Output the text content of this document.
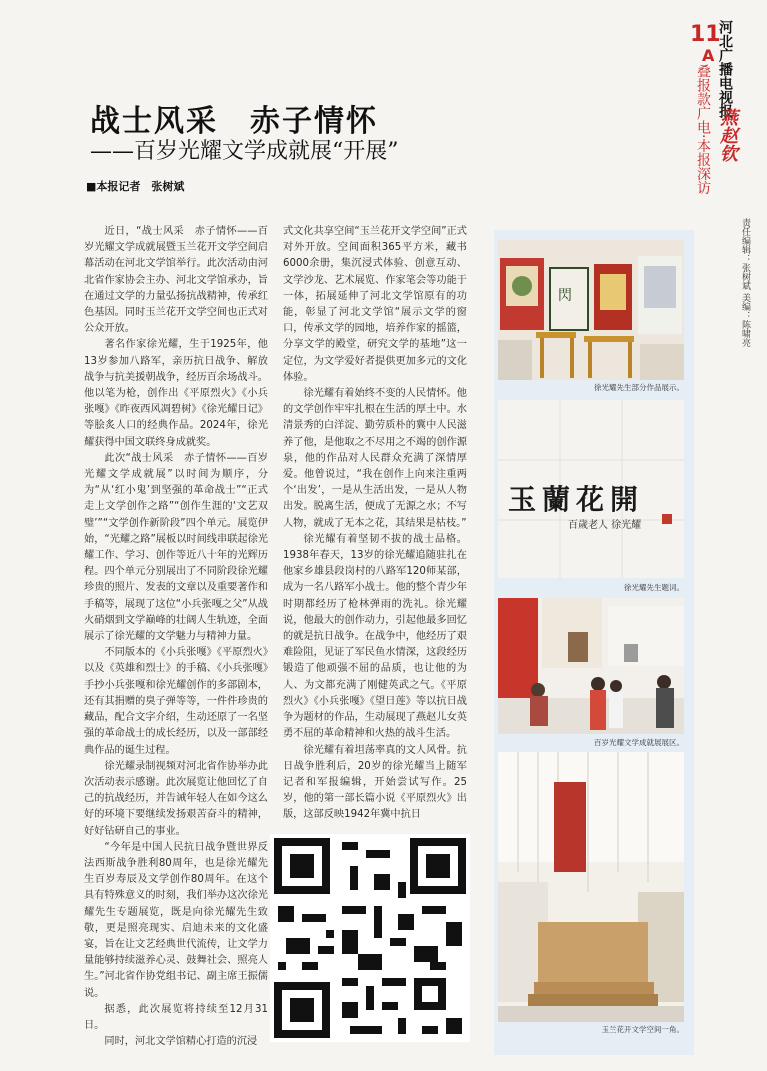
11
A 河北广播电视报
叠报款广电·本报深访 燕赵钦
责任编辑：张树斌 美编：陈啸亮
战士风采　赤子情怀
——百岁光耀文学成就展“开展”
■本报记者　张树斌

近日，“战士风采　赤子情怀——百岁光耀文学成就展暨玉兰花开文学空间启幕活动在河北文学馆举行。此次活动由河北省作家协会主办、河北文学馆承办，旨在通过文学的力量弘扬抗战精神，传承红色基因。同时玉兰花开文学空间也正式对公众开放。

著名作家徐光耀，生于1925年，他13岁参加八路军，亲历抗日战争、解放战争与抗美援朝战争，经历百余场战斗。他以笔为枪，创作出《平原烈火》《小兵张嘎》《昨夜西风凋碧树》《徐光耀日记》等脍炙人口的经典作品。2024年，徐光耀获得中国文联终身成就奖。

此次“战士风采　赤子情怀——百岁光耀文学成就展”以时间为顺序，分为“从‘红小鬼’到坚强的革命战士”“正式走上文学创作之路”“创作生涯的‘文艺双璧’”“文学创作新阶段”四个单元。展览伊始，“光耀之路”展板以时间线串联起徐光耀工作、学习、创作等近八十年的光辉历程。四个单元分别展出了不同阶段徐光耀珍贵的照片、发表的文章以及重要著作和手稿等，展现了这位“小兵张嘎之父”从战火硝烟到文学巅峰的壮阔人生轨迹，全面展示了徐光耀的文学魅力与精神力量。

不同版本的《小兵张嘎》《平原烈火》以及《英雄和烈士》的手稿、《小兵张嘎》手抄小兵张嘎和徐光耀创作的多部剧本，还有其捐赠的臭子弹等等，一件件珍贵的藏品，配合文字介绍，生动还原了一名坚强的革命战士的成长经历，以及一部部经典作品的诞生过程。

徐光耀录制视频对河北省作协举办此次活动表示感谢。此次展览让他回忆了自己的抗战经历，并告诫年轻人在如今这么好的环境下要继续发扬艰苦奋斗的精神，好好钻研自己的事业。

“今年是中国人民抗日战争暨世界反法西斯战争胜利80周年，也是徐光耀先生百岁寿辰及文学创作80周年。在这个具有特殊意义的时刻，我们举办这次徐光耀先生专题展览，既是向徐光耀先生致敬，更是照亮现实、启迪未来的文化盛宴，旨在让文艺经典世代流传，让文学力量能够持续滋养心灵、鼓舞社会、照亮人生。”河北省作协党组书记、副主席王振儒说。

据悉，此次展览将持续至12月31日。

同时，河北文学馆精心打造的沉浸

式文化共享空间“玉兰花开文学空间”正式对外开放。空间面积365平方米，藏书6000余册，集沉浸式体验、创意互动、文学沙龙、艺术展览、作家笔会等功能于一体，拓展延伸了河北文学馆原有的功能，彰显了河北文学馆“展示文学的窗口，传承文学的园地，培养作家的摇篮，分享文学的殿堂，研究文学的基地”这一定位，为文学爱好者提供更加多元的文化体验。

徐光耀有着始终不变的人民情怀。他的文学创作牢牢扎根在生活的厚土中。水清景秀的白洋淀、勤劳质朴的冀中人民滋养了他，是他取之不尽用之不竭的创作源泉，他的作品对人民群众充满了深情厚爱。他曾说过，“我在创作上向来注重两个‘出发’，一是从生活出发，一是从人物出发。脱离生活，便成了无源之水；不写人物，就成了无本之花，其结果是枯枝。”

徐光耀有着坚韧不拔的战士品格。1938年春天，13岁的徐光耀追随驻扎在他家乡雄县段岗村的八路军120师某部，成为一名八路军小战士。他的整个青少年时期都经历了枪林弹雨的洗礼。徐光耀说，他最大的创作动力，引起他最多回忆的就是抗日战争。在战争中，他经历了艰难险阻，见证了军民鱼水情深，这段经历锻造了他顽强不屈的品质，也让他的为人、为文都充满了刚健英武之气。《平原烈火》《小兵张嘎》《望日莲》等以抗日战争为题材的作品，生动展现了燕赵儿女英勇不屈的革命精神和火热的战斗生活。

徐光耀有着坦荡率真的文人风骨。抗日战争胜利后，20岁的徐光耀当上随军记者和军报编辑，开始尝试写作。25岁，他的第一部长篇小说《平原烈火》出版，这部反映1942年冀中抗日

閃
徐光耀先生部分作品展示。
玉蘭花開
百歲老人 徐光耀
徐光耀先生题词。
百岁光耀文学成就展展区。
玉兰花开文学空间一角。
